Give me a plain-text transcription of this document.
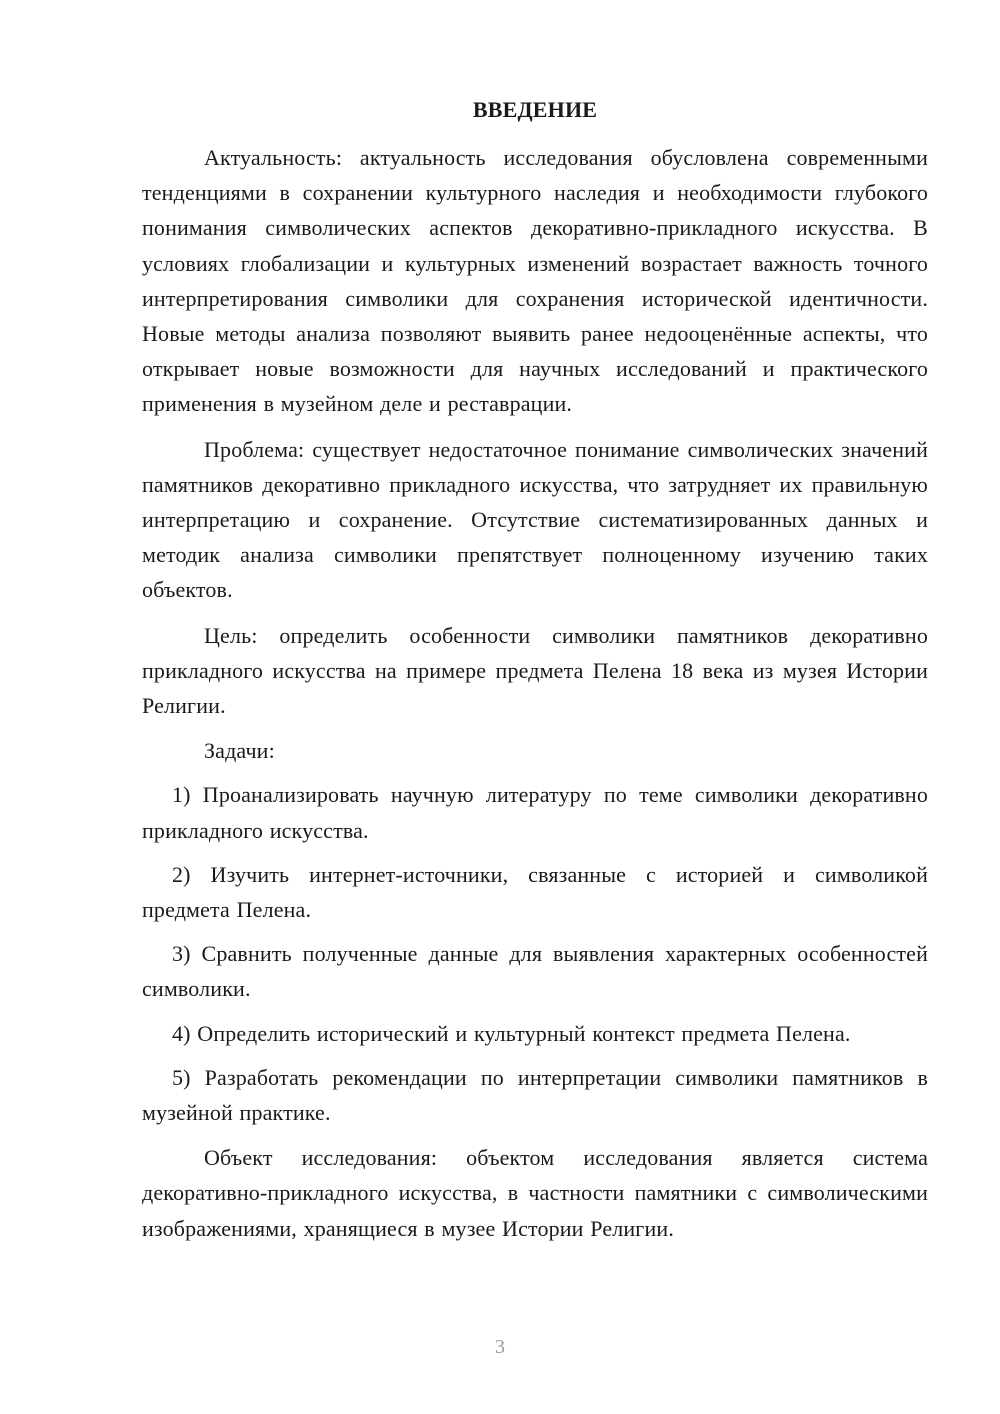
ВВЕДЕНИЕ

Актуальность: актуальность исследования обусловлена современными тенденциями в сохранении культурного наследия и необходимости глубокого понимания символических аспектов декоративно-прикладного искусства. В условиях глобализации и культурных изменений возрастает важность точного интерпретирования символики для сохранения исторической идентичности. Новые методы анализа позволяют выявить ранее недооценённые аспекты, что открывает новые возможности для научных исследований и практического применения в музейном деле и реставрации.

Проблема: существует недостаточное понимание символических значений памятников декоративно прикладного искусства, что затрудняет их правильную интерпретацию и сохранение. Отсутствие систематизированных данных и методик анализа символики препятствует полноценному изучению таких объектов.

Цель: определить особенности символики памятников декоративно прикладного искусства на примере предмета Пелена 18 века из музея Истории Религии.

Задачи:

1) Проанализировать научную литературу по теме символики декоративно прикладного искусства.

2) Изучить интернет-источники, связанные с историей и символикой предмета Пелена.

3) Сравнить полученные данные для выявления характерных особенностей символики.

4) Определить исторический и культурный контекст предмета Пелена.

5) Разработать рекомендации по интерпретации символики памятников в музейной практике.

Объект исследования: объектом исследования является система декоративно-прикладного искусства, в частности памятники с символическими изображениями, хранящиеся в музее Истории Религии.

3
